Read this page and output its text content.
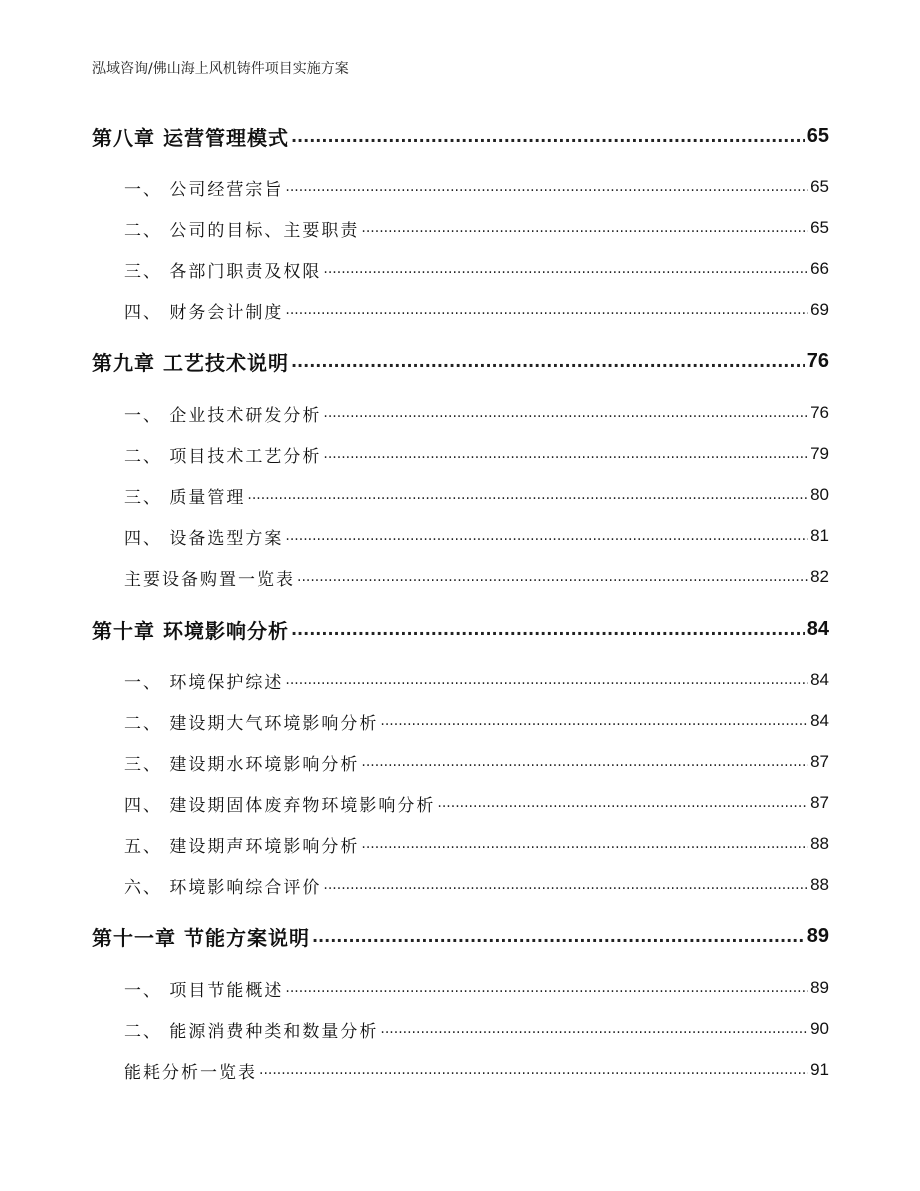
泓域咨询/佛山海上风机铸件项目实施方案
第八章 运营管理模式 .....	65
一、 公司经营宗旨 .....	65
二、 公司的目标、主要职责 .....	65
三、 各部门职责及权限 .....	66
四、 财务会计制度 .....	69
第九章 工艺技术说明 .....	76
一、 企业技术研发分析 .....	76
二、 项目技术工艺分析 .....	79
三、 质量管理 .....	80
四、 设备选型方案 .....	81
主要设备购置一览表 .....	82
第十章 环境影响分析 .....	84
一、 环境保护综述 .....	84
二、 建设期大气环境影响分析 .....	84
三、 建设期水环境影响分析 .....	87
四、 建设期固体废弃物环境影响分析 .....	87
五、 建设期声环境影响分析 .....	88
六、 环境影响综合评价 .....	88
第十一章 节能方案说明 .....	89
一、 项目节能概述 .....	89
二、 能源消费种类和数量分析 .....	90
能耗分析一览表 .....	91
